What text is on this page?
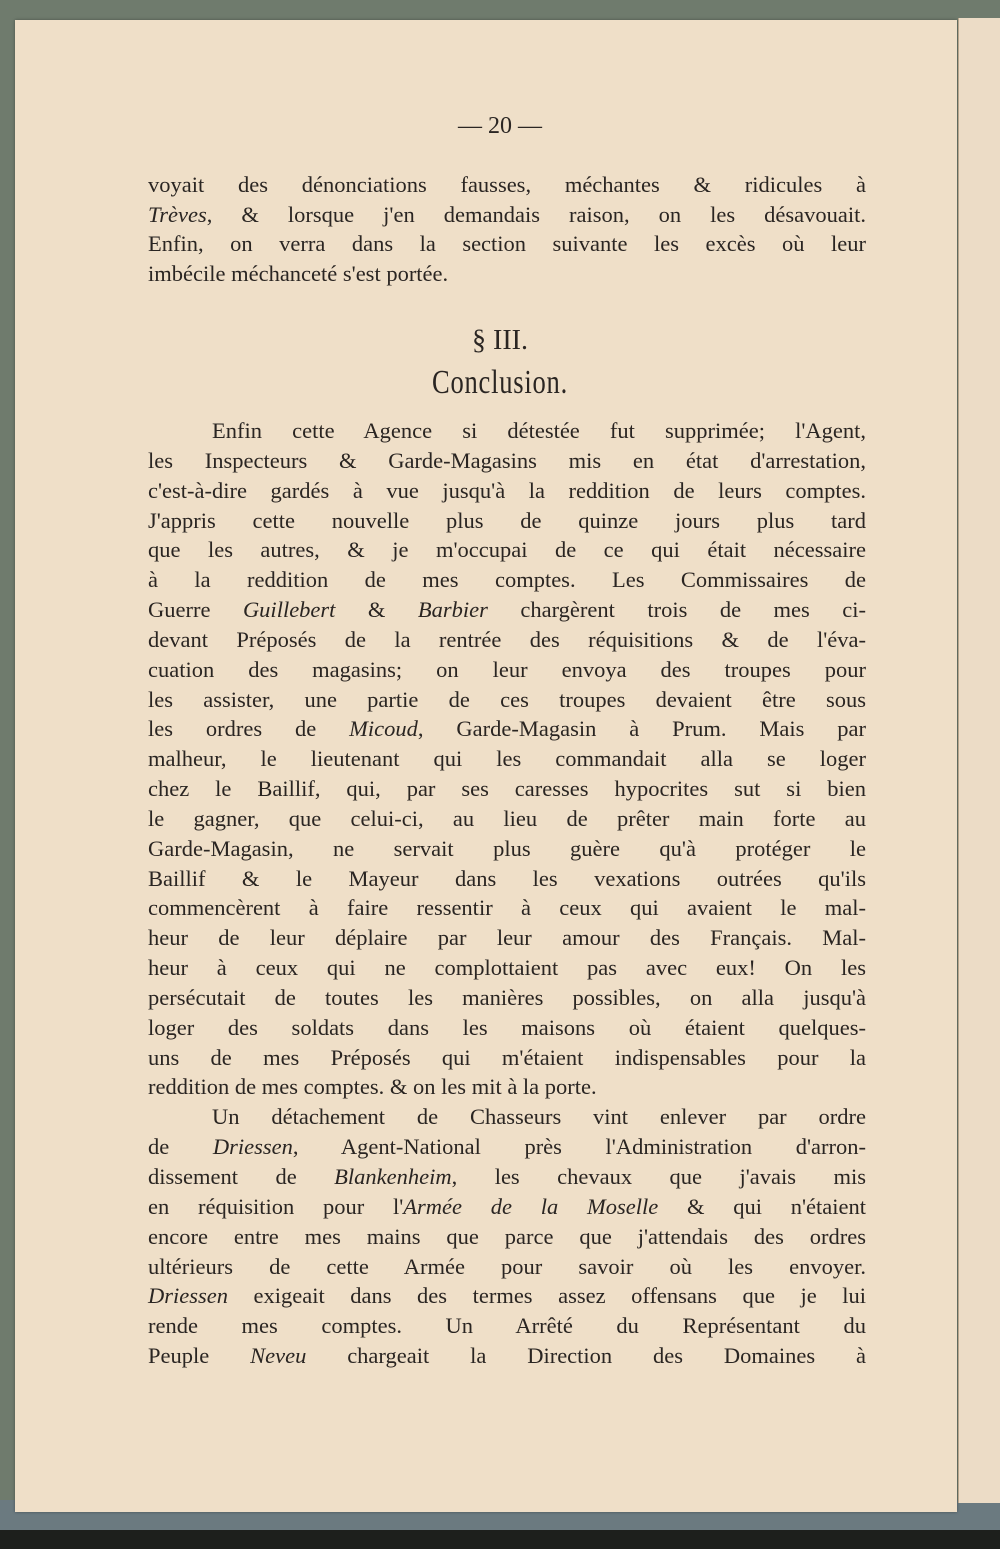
— 20 —
voyait des dénonciations fausses, méchantes & ridicules à
Trèves, & lorsque j'en demandais raison, on les désavouait.
Enfin, on verra dans la section suivante les excès où leur
imbécile méchanceté s'est portée.
§ III.
Conclusion.
Enfin cette Agence si détestée fut supprimée; l'Agent,
les Inspecteurs & Garde-Magasins mis en état d'arrestation,
c'est-à-dire gardés à vue jusqu'à la reddition de leurs comptes.
J'appris cette nouvelle plus de quinze jours plus tard
que les autres, & je m'occupai de ce qui était nécessaire
à la reddition de mes comptes. Les Commissaires de
Guerre Guillebert & Barbier chargèrent trois de mes ci-
devant Préposés de la rentrée des réquisitions & de l'éva-
cuation des magasins; on leur envoya des troupes pour
les assister, une partie de ces troupes devaient être sous
les ordres de Micoud, Garde-Magasin à Prum. Mais par
malheur, le lieutenant qui les commandait alla se loger
chez le Baillif, qui, par ses caresses hypocrites sut si bien
le gagner, que celui-ci, au lieu de prêter main forte au
Garde-Magasin, ne servait plus guère qu'à protéger le
Baillif & le Mayeur dans les vexations outrées qu'ils
commencèrent à faire ressentir à ceux qui avaient le mal-
heur de leur déplaire par leur amour des Français. Mal-
heur à ceux qui ne complottaient pas avec eux! On les
persécutait de toutes les manières possibles, on alla jusqu'à
loger des soldats dans les maisons où étaient quelques-
uns de mes Préposés qui m'étaient indispensables pour la
reddition de mes comptes. & on les mit à la porte.
Un détachement de Chasseurs vint enlever par ordre
de Driessen, Agent-National près l'Administration d'arron-
dissement de Blankenheim, les chevaux que j'avais mis
en réquisition pour l'Armée de la Moselle & qui n'étaient
encore entre mes mains que parce que j'attendais des ordres
ultérieurs de cette Armée pour savoir où les envoyer.
Driessen exigeait dans des termes assez offensans que je lui
rende mes comptes. Un Arrêté du Représentant du
Peuple Neveu chargeait la Direction des Domaines à
